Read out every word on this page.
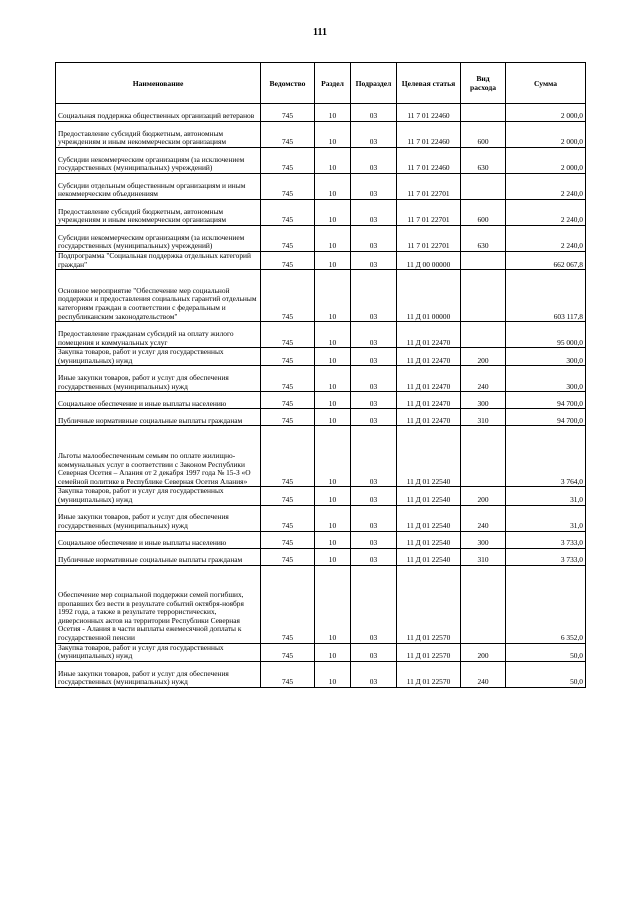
111
Наименование	Ведомство	Раздел	Подраздел	Целевая статья	Вид расхода	Сумма
Социальная поддержка общественных организаций ветеранов	745	10	03	11 7 01 22460		2 000,0
Предоставление субсидий бюджетным, автономным учреждениям и иным некоммерческим организациям	745	10	03	11 7 01 22460	600	2 000,0
Субсидии некоммерческим организациям (за исключением государственных (муниципальных) учреждений)	745	10	03	11 7 01 22460	630	2 000,0
Субсидии отдельным общественным организациям и иным некоммерческим объединениям	745	10	03	11 7 01 22701		2 240,0
Предоставление субсидий бюджетным, автономным учреждениям и иным некоммерческим организациям	745	10	03	11 7 01 22701	600	2 240,0
Субсидии некоммерческим организациям (за исключением государственных (муниципальных) учреждений)	745	10	03	11 7 01 22701	630	2 240,0
Подпрограмма "Социальная поддержка отдельных категорий граждан"	745	10	03	11 Д 00 00000		662 067,8
Основное мероприятие "Обеспечение мер социальной поддержки и предоставления социальных гарантий отдельным категориям граждан в соответствии с федеральным и республиканским законодательством"	745	10	03	11 Д 01 00000		603 117,8
Предоставление гражданам субсидий на оплату жилого помещения и коммунальных услуг	745	10	03	11 Д 01 22470		95 000,0
Закупка товаров, работ и услуг для государственных (муниципальных) нужд	745	10	03	11 Д 01 22470	200	300,0
Иные закупки товаров, работ и услуг для обеспечения государственных (муниципальных) нужд	745	10	03	11 Д 01 22470	240	300,0
Социальное обеспечение и иные выплаты населению	745	10	03	11 Д 01 22470	300	94 700,0
Публичные нормативные социальные выплаты гражданам	745	10	03	11 Д 01 22470	310	94 700,0
Льготы малообеспеченным семьям по оплате жилищно-коммунальных услуг в соответствии с Законом Республики Северная Осетия – Алания от 2 декабря 1997 года № 15-З «О семейной политике в Республике Северная Осетия Алания»	745	10	03	11 Д 01 22540		3 764,0
Закупка товаров, работ и услуг для государственных (муниципальных) нужд	745	10	03	11 Д 01 22540	200	31,0
Иные закупки товаров, работ и услуг для обеспечения государственных (муниципальных) нужд	745	10	03	11 Д 01 22540	240	31,0
Социальное обеспечение и иные выплаты населению	745	10	03	11 Д 01 22540	300	3 733,0
Публичные нормативные социальные выплаты гражданам	745	10	03	11 Д 01 22540	310	3 733,0
Обеспечение мер социальной поддержки семей погибших, пропавших без вести в результате событий октября-ноября 1992 года, а также в результате террористических, диверсионных актов на территории Республики Северная Осетия - Алания в части выплаты ежемесячной доплаты к государственной пенсии	745	10	03	11 Д 01 22570		6 352,0
Закупка товаров, работ и услуг для государственных (муниципальных) нужд	745	10	03	11 Д 01 22570	200	50,0
Иные закупки товаров, работ и услуг для обеспечения государственных (муниципальных) нужд	745	10	03	11 Д 01 22570	240	50,0
